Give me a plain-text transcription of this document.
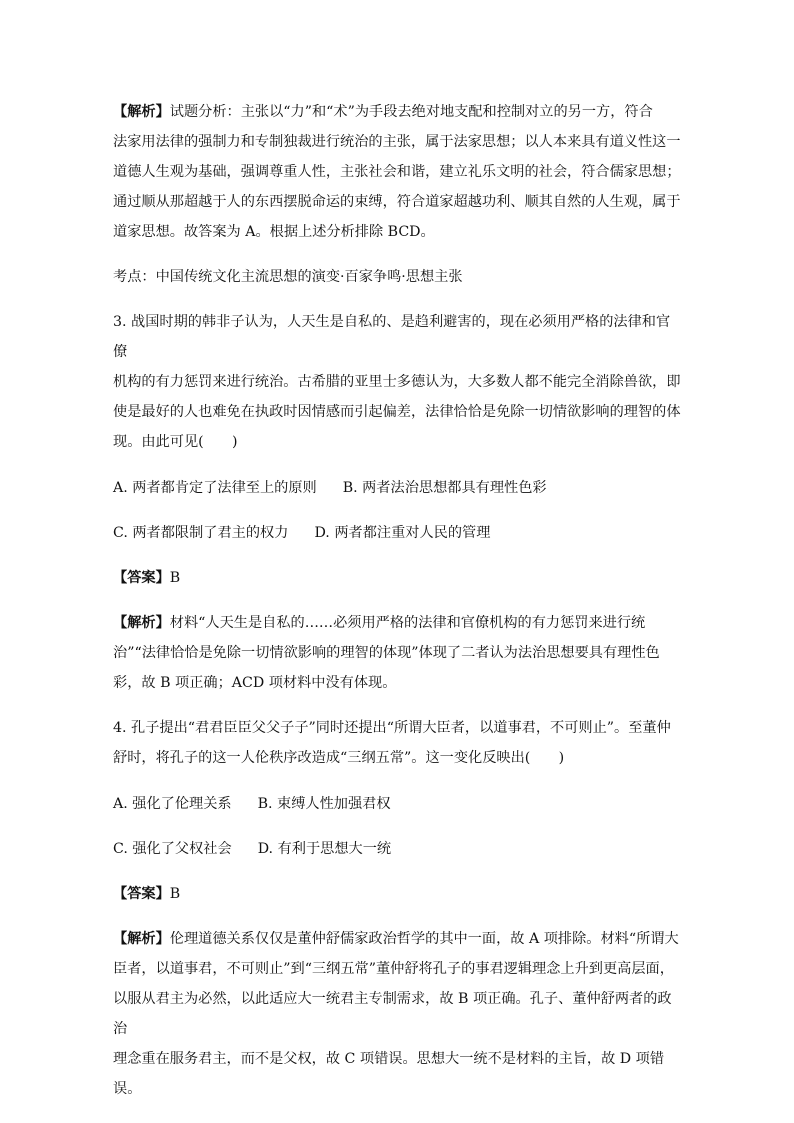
【解析】试题分析：主张以“力”和“术”为手段去绝对地支配和控制对立的另一方，符合

法家用法律的强制力和专制独裁进行统治的主张，属于法家思想；以人本来具有道义性这一

道德人生观为基础，强调尊重人性，主张社会和谐，建立礼乐文明的社会，符合儒家思想；

通过顺从那超越于人的东西摆脱命运的束缚，符合道家超越功利、顺其自然的人生观，属于

道家思想。故答案为 A。根据上述分析排除 BCD。

考点：中国传统文化主流思想的演变·百家争鸣·思想主张

3. 战国时期的韩非子认为，人天生是自私的、是趋利避害的，现在必须用严格的法律和官僚

机构的有力惩罚来进行统治。古希腊的亚里士多德认为，大多数人都不能完全消除兽欲，即

使是最好的人也难免在执政时因情感而引起偏差，法律恰恰是免除一切情欲影响的理智的体

现。由此可见(　　)

A. 两者都肯定了法律至上的原则 B. 两者法治思想都具有理性色彩

C. 两者都限制了君主的权力 D. 两者都注重对人民的管理

【答案】B

【解析】材料“人天生是自私的……必须用严格的法律和官僚机构的有力惩罚来进行统

治”“法律恰恰是免除一切情欲影响的理智的体现”体现了二者认为法治思想要具有理性色

彩，故 B 项正确；ACD 项材料中没有体现。

4. 孔子提出“君君臣臣父父子子”同时还提出“所谓大臣者，以道事君，不可则止”。至董仲

舒时，将孔子的这一人伦秩序改造成“三纲五常”。这一变化反映出(　　)

A. 强化了伦理关系 B. 束缚人性加强君权

C. 强化了父权社会 D. 有利于思想大一统

【答案】B

【解析】伦理道德关系仅仅是董仲舒儒家政治哲学的其中一面，故 A 项排除。材料“所谓大

臣者，以道事君，不可则止”到“三纲五常”董仲舒将孔子的事君逻辑理念上升到更高层面，

以服从君主为必然，以此适应大一统君主专制需求，故 B 项正确。孔子、董仲舒两者的政治

理念重在服务君主，而不是父权，故 C 项错误。思想大一统不是材料的主旨，故 D 项错误。
